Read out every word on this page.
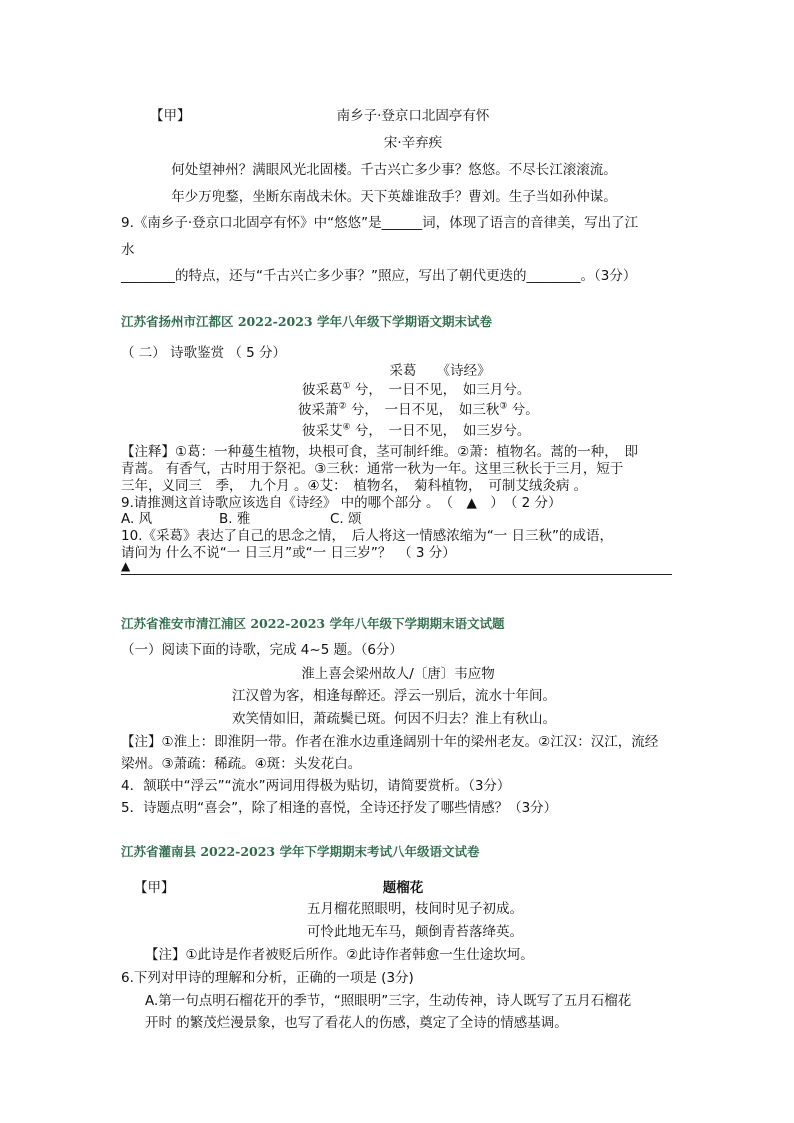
【甲】	南乡子·登京口北固亭有怀
宋·辛弃疾
何处望神州？满眼风光北固楼。千古兴亡多少事？悠悠。不尽长江滚滚流。
年少万兜鍪，坐断东南战未休。天下英雄谁敌手？曹刘。生子当如孙仲谋。
9.《南乡子·登京口北固亭有怀》中“悠悠”是______词，体现了语言的音律美，写出了江
水
________的特点，还与“千古兴亡多少事？”照应，写出了朝代更迭的________。（3分）
江苏省扬州市江都区 2022-2023 学年八年级下学期语文期末试卷
（ 二） 诗歌鉴赏 （ 5 分）
采葛　　《诗经》
彼采葛① 兮，　一日不见，　如三月兮。
彼采萧② 兮，　一日不见，　如三秋③ 兮。
彼采艾④ 兮，　一日不见，　如三岁兮。
【注释】①葛：一种蔓生植物，块根可食，茎可制纤维。②萧：植物名。蒿的一种，　即
青蒿。 有香气，古时用于祭祀。③三秋：通常一秋为一年。这里三秋长于三月，短于
三年，义同三　季，　九个月 。④艾：　植物名，　菊科植物，　可制艾绒灸病 。
9.请推测这首诗歌应该选自《诗经》 中的哪个部分 。　（　▲　）　（ 2 分）
A. 风	B. 雅	C. 颂
10.《采葛》表达了自己的思念之情，　后人将这一情感浓缩为“一 日三秋”的成语，
请问为 什么不说“一 日三月”或“一 日三岁”？　（ 3 分）
▲
江苏省淮安市清江浦区 2022-2023 学年八年级下学期期末语文试题
（一）阅读下面的诗歌，完成 4~5 题。（6分）
淮上喜会梁州故人/〔唐〕韦应物
江汉曾为客，相逢每醉还。浮云一别后，流水十年间。
欢笑情如旧，萧疏鬓已斑。何因不归去？淮上有秋山。
【注】①淮上：即淮阴一带。作者在淮水边重逢阔别十年的梁州老友。②江汉：汉江，流经
梁州。③萧疏：稀疏。④斑：头发花白。
4．颔联中“浮云”“流水”两词用得极为贴切，请简要赏析。（3分）
5．诗题点明“喜会”，除了相逢的喜悦，全诗还抒发了哪些情感？（3分）
江苏省灌南县 2022-2023 学年下学期期末考试八年级语文试卷
【甲】	题榴花
五月榴花照眼明，枝间时见子初成。
可怜此地无车马，颠倒青苔落绛英。
【注】①此诗是作者被贬后所作。②此诗作者韩愈一生仕途坎坷。
6.下列对甲诗的理解和分析，正确的一项是 (3分)
A.第一句点明石榴花开的季节，“照眼明”三字，生动传神，诗人既写了五月石榴花
开时 的繁茂烂漫景象，也写了看花人的伤感，奠定了全诗的情感基调。
